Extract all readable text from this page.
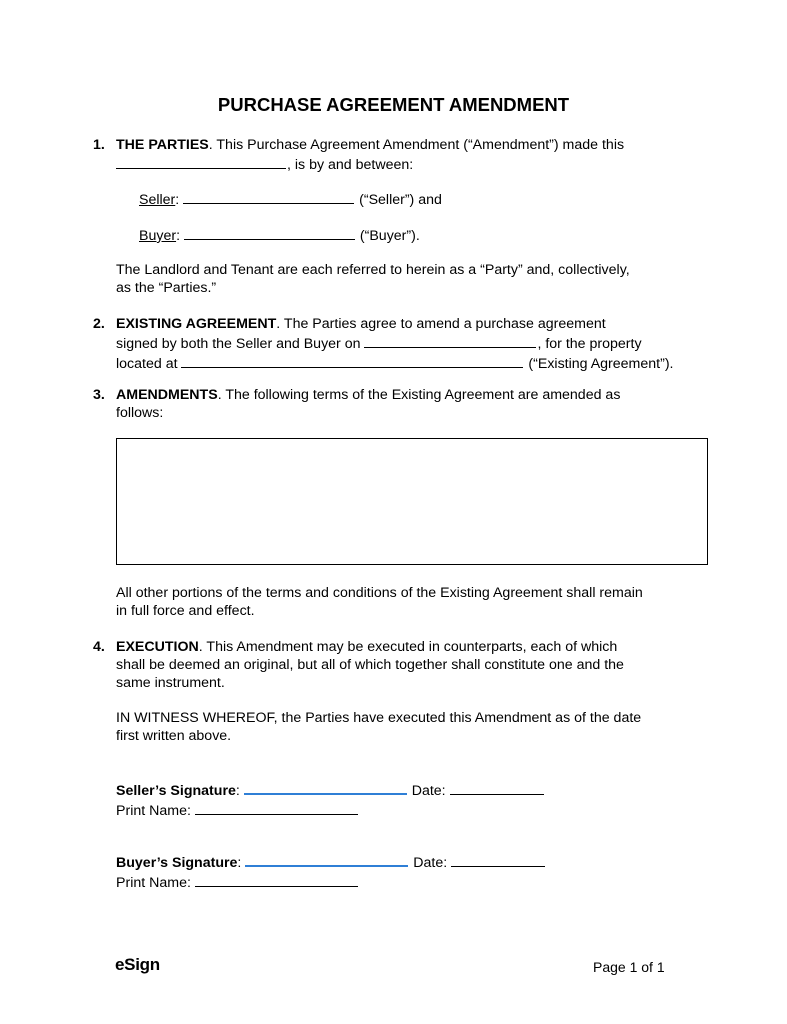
PURCHASE AGREEMENT AMENDMENT
1. THE PARTIES. This Purchase Agreement Amendment (“Amendment”) made this
, is by and between:
Seller:	(“Seller”) and
Buyer:	(“Buyer”).
The Landlord and Tenant are each referred to herein as a “Party” and, collectively,
as the “Parties.”
2. EXISTING AGREEMENT. The Parties agree to amend a purchase agreement
signed by both the Seller and Buyer on	, for the property
located at	(“Existing Agreement”).
3. AMENDMENTS. The following terms of the Existing Agreement are amended as
follows:
All other portions of the terms and conditions of the Existing Agreement shall remain
in full force and effect.
4. EXECUTION. This Amendment may be executed in counterparts, each of which
shall be deemed an original, but all of which together shall constitute one and the
same instrument.
IN WITNESS WHEREOF, the Parties have executed this Amendment as of the date
first written above.
Seller’s Signature:	Date:
Print Name:
Buyer’s Signature:	Date:
Print Name:
eSign	Page 1 of 1
